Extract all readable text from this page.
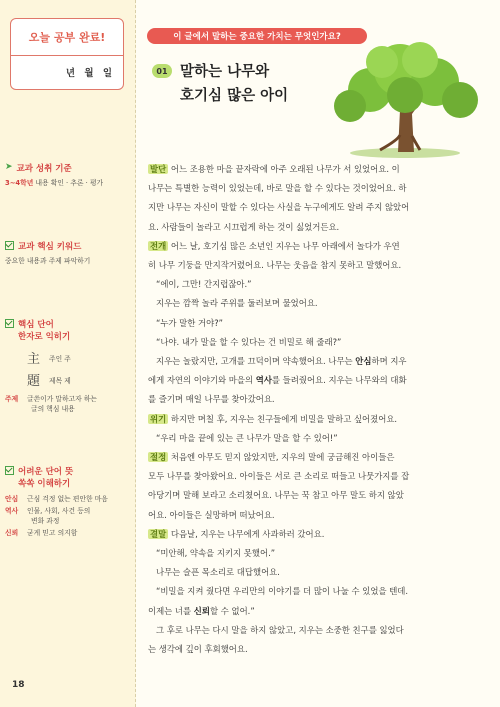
오늘 공부 완료!
년 월 일
➤ 교과 성취 기준
3~4학년 내용 확인 · 추론 · 평가
교과 핵심 키워드
중요한 내용과 주제 파악하기
핵심 단어
한자로 익히기
主	주인 주
題	제목 제
주제	글쓴이가 말하고자 하는
글의 핵심 내용
어려운 단어 뜻
쏙쏙 이해하기
안심	근심 걱정 없는 편안한 마음
역사	인물, 사회, 사건 등의
변화 과정
신뢰	굳게 믿고 의지함
18
이 글에서 말하는 중요한 가치는 무엇인가요?
01 말하는 나무와
호기심 많은 아이

발단 어느 조용한 마을 끝자락에 아주 오래된 나무가 서 있었어요. 이

나무는 특별한 능력이 있었는데, 바로 말을 할 수 있다는 것이었어요. 하

지만 나무는 자신이 말할 수 있다는 사실을 누구에게도 알려 주지 않았어

요. 사람들이 놀라고 시끄럽게 하는 것이 싫었거든요.

전개 어느 날, 호기심 많은 소년인 지우는 나무 아래에서 놀다가 우연

히 나무 기둥을 만지작거렸어요. 나무는 웃음을 참지 못하고 말했어요.

“에이, 그만! 간지럽잖아.”

지우는 깜짝 놀라 주위를 둘러보며 물었어요.

“누가 말한 거야?”

“나야. 내가 말을 할 수 있다는 건 비밀로 해 줄래?”

지우는 놀랐지만, 고개를 끄덕이며 약속했어요. 나무는 안심하며 지우

에게 자연의 이야기와 마을의 역사를 들려줬어요. 지우는 나무와의 대화

를 즐기며 매일 나무를 찾아갔어요.

위기 하지만 며칠 후, 지우는 친구들에게 비밀을 말하고 싶어졌어요.

“우리 마을 끝에 있는 큰 나무가 말을 할 수 있어!”

절정 처음엔 아무도 믿지 않았지만, 지우의 말에 궁금해진 아이들은

모두 나무를 찾아왔어요. 아이들은 서로 큰 소리로 떠들고 나뭇가지를 잡

아당기며 말해 보라고 소리쳤어요. 나무는 꾹 참고 아무 말도 하지 않았

어요. 아이들은 실망하며 떠났어요.

결말 다음날, 지우는 나무에게 사과하러 갔어요.

“미안해, 약속을 지키지 못했어.”

나무는 슬픈 목소리로 대답했어요.

“비밀을 지켜 줬다면 우리만의 이야기를 더 많이 나눌 수 있었을 텐데.

이제는 너를 신뢰할 수 없어.”

그 후로 나무는 다시 말을 하지 않았고, 지우는 소중한 친구를 잃었다

는 생각에 깊이 후회했어요.
